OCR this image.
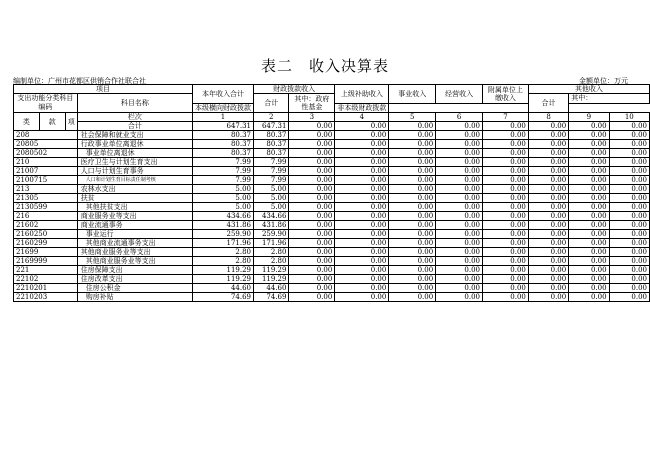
表二　收入决算表
编制单位：广州市花都区供销合作社联合社	金额单位：万元
项目				本年收入合计	财政拨款收入		上级补助收入	事业收入	经营收入	附属单位上缴收入	其他收入		
支出功能分类科目编码			科目名称		合计	其中：政府性基金					合计	其中：	
				本级横向财政拨款			非本级财政拨款						
类	款	项	栏次	1	2	3	4	5	6	7	8	9	10
			合计	647.31	647.31	0.00	0.00	0.00	0.00	0.00	0.00	0.00	0.00
208			社会保障和就业支出	80.37	80.37	0.00	0.00	0.00	0.00	0.00	0.00	0.00	0.00
20805			行政事业单位离退休	80.37	80.37	0.00	0.00	0.00	0.00	0.00	0.00	0.00	0.00
2080502			事业单位离退休	80.37	80.37	0.00	0.00	0.00	0.00	0.00	0.00	0.00	0.00
210			医疗卫生与计划生育支出	7.99	7.99	0.00	0.00	0.00	0.00	0.00	0.00	0.00	0.00
21007			人口与计划生育事务	7.99	7.99	0.00	0.00	0.00	0.00	0.00	0.00	0.00	0.00
2100715			人口和计划生育目标责任制考核	7.99	7.99	0.00	0.00	0.00	0.00	0.00	0.00	0.00	0.00
213			农林水支出	5.00	5.00	0.00	0.00	0.00	0.00	0.00	0.00	0.00	0.00
21305			扶贫	5.00	5.00	0.00	0.00	0.00	0.00	0.00	0.00	0.00	0.00
2130599			其他扶贫支出	5.00	5.00	0.00	0.00	0.00	0.00	0.00	0.00	0.00	0.00
216			商业服务业等支出	434.66	434.66	0.00	0.00	0.00	0.00	0.00	0.00	0.00	0.00
21602			商业流通事务	431.86	431.86	0.00	0.00	0.00	0.00	0.00	0.00	0.00	0.00
2160250			事业运行	259.90	259.90	0.00	0.00	0.00	0.00	0.00	0.00	0.00	0.00
2160299			其他商业流通事务支出	171.96	171.96	0.00	0.00	0.00	0.00	0.00	0.00	0.00	0.00
21699			其他商业服务业等支出	2.80	2.80	0.00	0.00	0.00	0.00	0.00	0.00	0.00	0.00
2169999			其他商业服务业等支出	2.80	2.80	0.00	0.00	0.00	0.00	0.00	0.00	0.00	0.00
221			住房保障支出	119.29	119.29	0.00	0.00	0.00	0.00	0.00	0.00	0.00	0.00
22102			住房改革支出	119.29	119.29	0.00	0.00	0.00	0.00	0.00	0.00	0.00	0.00
2210201			住房公积金	44.60	44.60	0.00	0.00	0.00	0.00	0.00	0.00	0.00	0.00
2210203			购房补贴	74.69	74.69	0.00	0.00	0.00	0.00	0.00	0.00	0.00	0.00
